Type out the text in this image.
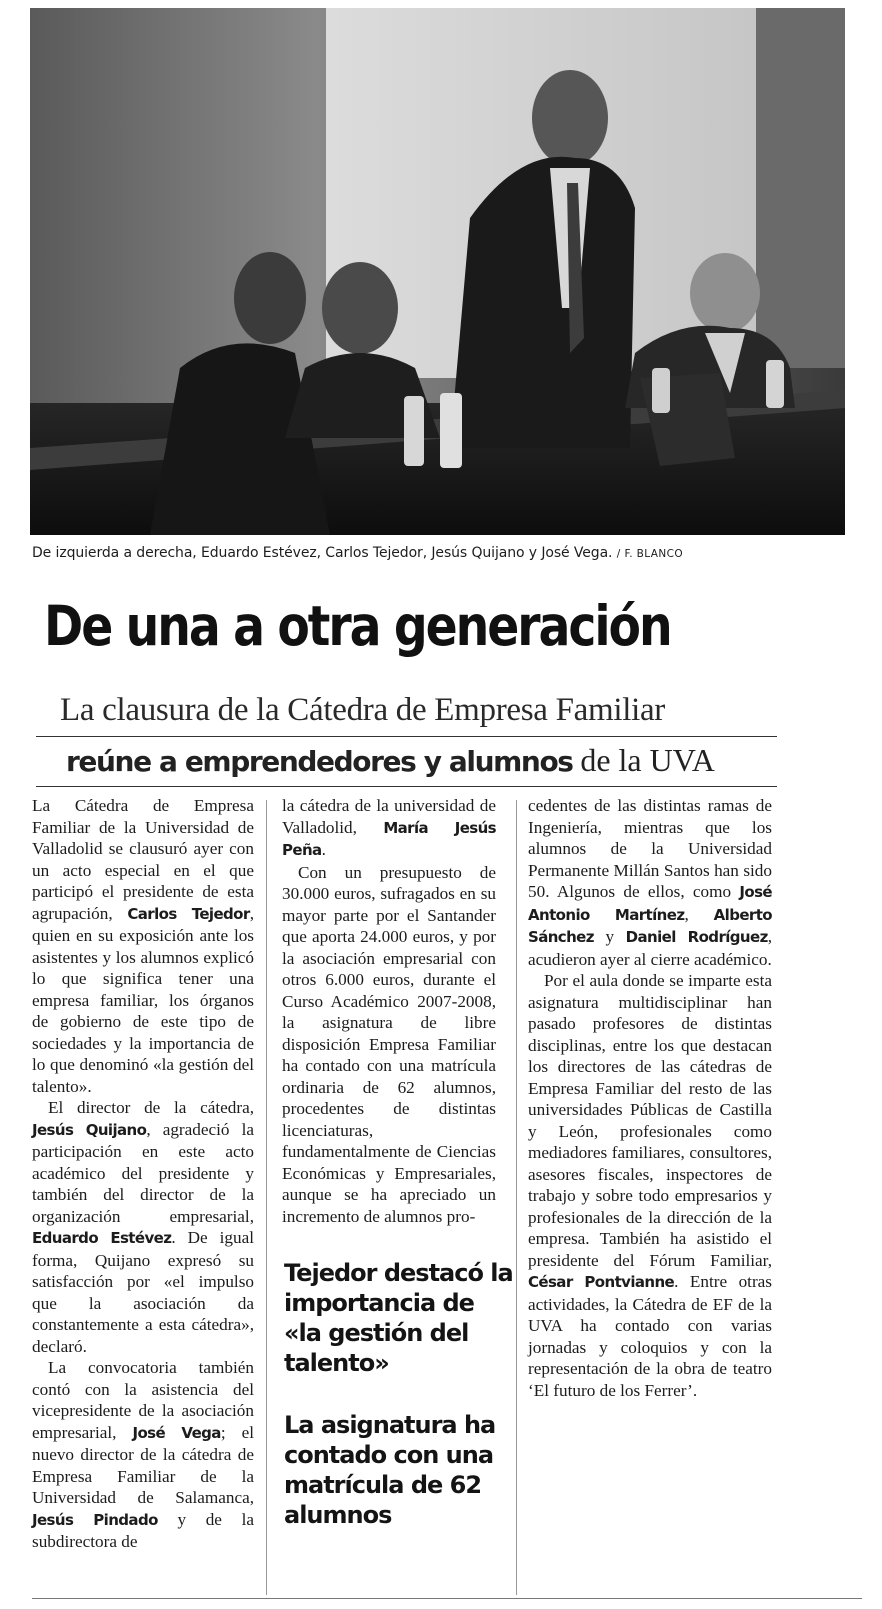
De izquierda a derecha, Eduardo Estévez, Carlos Tejedor, Jesús Quijano y José Vega. / F. BLANCO
De una a otra generación
La clausura de la Cátedra de Empresa Familiar
reúne a emprendedores y alumnos de la UVA

La Cátedra de Empresa Familiar de la Universidad de Valladolid se clausuró ayer con un acto especial en el que participó el presidente de esta agrupación, Carlos Tejedor, quien en su exposición ante los asistentes y los alumnos explicó lo que significa tener una empresa familiar, los órganos de gobierno de este tipo de sociedades y la importancia de lo que denominó «la gestión del talento».

El director de la cátedra, Jesús Quijano, agradeció la participación en este acto académico del presidente y también del director de la organización empresarial, Eduardo Estévez. De igual forma, Quijano expresó su satisfacción por «el impulso que la asociación da constantemente a esta cátedra», declaró.

La convocatoria también contó con la asistencia del vicepresidente de la asociación empresarial, José Vega; el nuevo director de la cátedra de Empresa Familiar de la Universidad de Salamanca, Jesús Pindado y de la subdirectora de

la cátedra de la universidad de Valladolid, María Jesús Peña.

Con un presupuesto de 30.000 euros, sufragados en su mayor parte por el Santander que aporta 24.000 euros, y por la asociación empresarial con otros 6.000 euros, durante el Curso Académico 2007-2008, la asignatura de libre disposición Empresa Familiar ha contado con una matrícula ordinaria de 62 alumnos, procedentes de distintas licenciaturas, fundamentalmente de Ciencias Económicas y Empresariales, aunque se ha apreciado un incremento de alumnos pro-

Tejedor destacó la
importancia de
«la gestión del
talento»
La asignatura ha
contado con una
matrícula de 62
alumnos

cedentes de las distintas ramas de Ingeniería, mientras que los alumnos de la Universidad Permanente Millán Santos han sido 50. Algunos de ellos, como José Antonio Martínez, Alberto Sánchez y Daniel Rodríguez, acudieron ayer al cierre académico.

Por el aula donde se imparte esta asignatura multidisciplinar han pasado profesores de distintas disciplinas, entre los que destacan los directores de las cátedras de Empresa Familiar del resto de las universidades Públicas de Castilla y León, profesionales como mediadores familiares, consultores, asesores fiscales, inspectores de trabajo y sobre todo empresarios y profesionales de la dirección de la empresa. También ha asistido el presidente del Fórum Familiar, César Pontvianne. Entre otras actividades, la Cátedra de EF de la UVA ha contado con varias jornadas y coloquios y con la representación de la obra de teatro ‘El futuro de los Ferrer’.
